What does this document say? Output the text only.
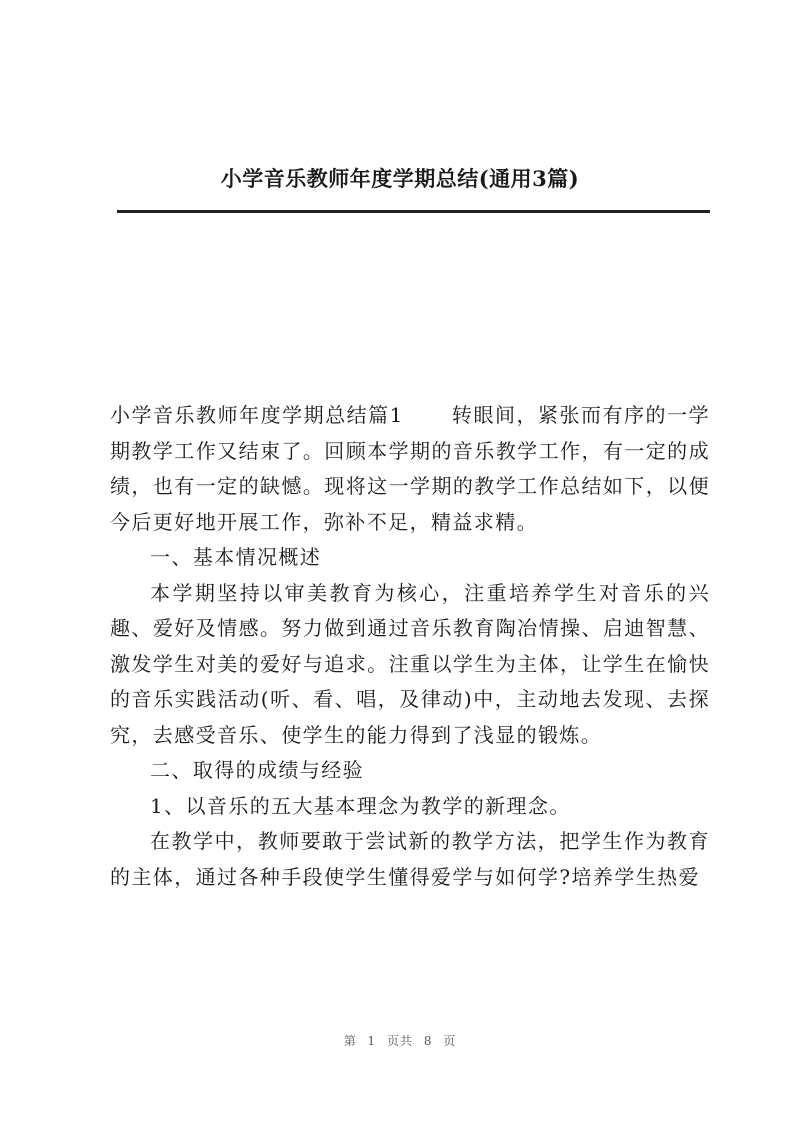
小学音乐教师年度学期总结(通用3篇)

小学音乐教师年度学期总结篇1 转眼间，紧张而有序的一学期教学工作又结束了。回顾本学期的音乐教学工作，有一定的成绩，也有一定的缺憾。现将这一学期的教学工作总结如下，以便今后更好地开展工作，弥补不足，精益求精。

一、基本情况概述

本学期坚持以审美教育为核心，注重培养学生对音乐的兴趣、爱好及情感。努力做到通过音乐教育陶冶情操、启迪智慧、激发学生对美的爱好与追求。注重以学生为主体，让学生在愉快的音乐实践活动(听、看、唱，及律动)中，主动地去发现、去探究，去感受音乐、使学生的能力得到了浅显的锻炼。

二、取得的成绩与经验

1、以音乐的五大基本理念为教学的新理念。

在教学中，教师要敢于尝试新的教学方法，把学生作为教育的主体，通过各种手段使学生懂得爱学与如何学?培养学生热爱

第 1 页共 8 页
